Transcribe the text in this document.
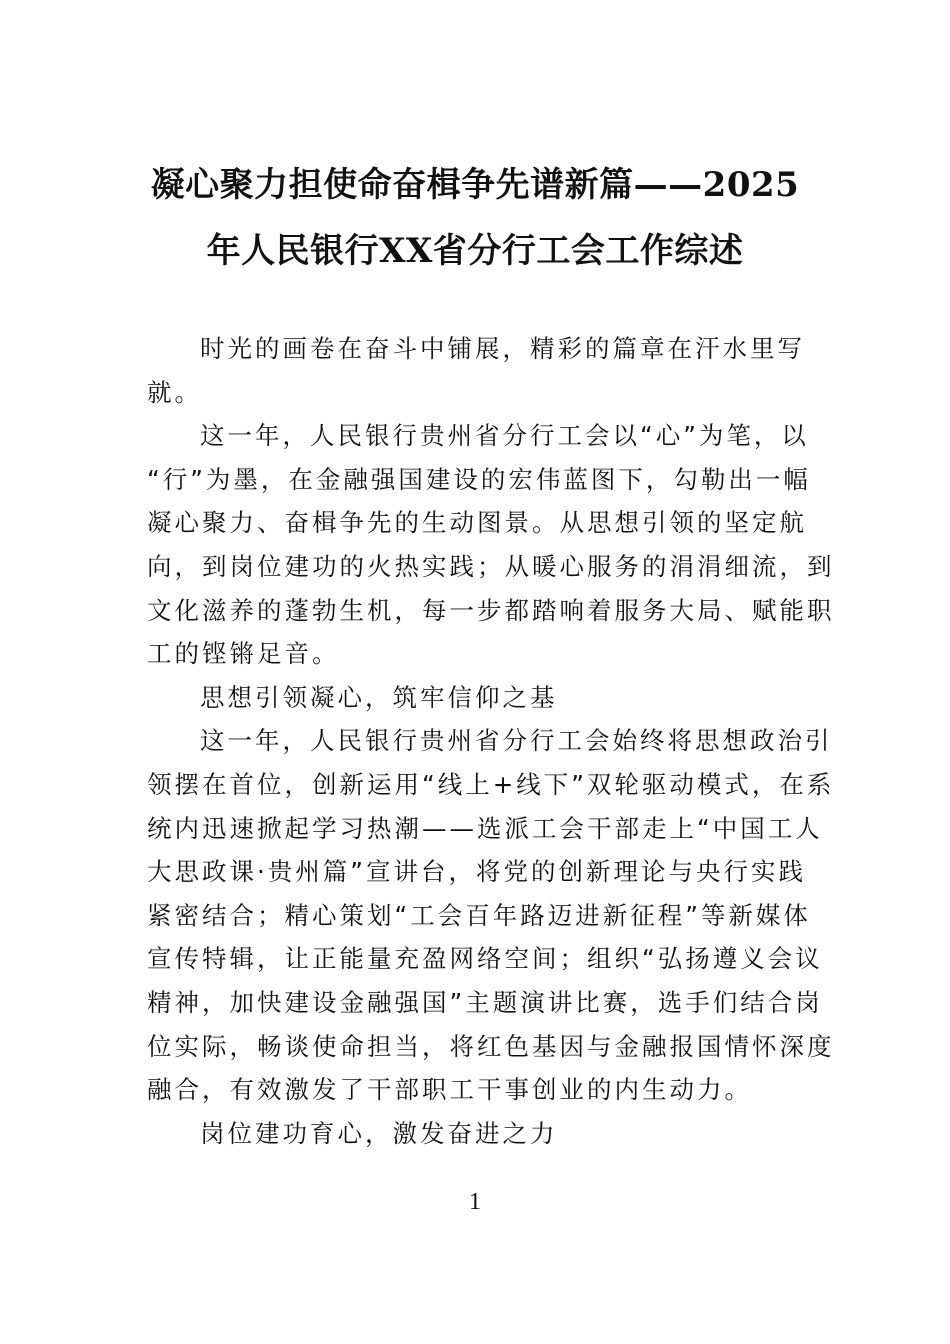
凝心聚力担使命奋楫争先谱新篇——2025
年人民银行XX省分行工会工作综述

时光的画卷在奋斗中铺展，精彩的篇章在汗水里写
就。

这一年，人民银行贵州省分行工会以“心”为笔，以
“行”为墨，在金融强国建设的宏伟蓝图下，勾勒出一幅
凝心聚力、奋楫争先的生动图景。从思想引领的坚定航
向，到岗位建功的火热实践；从暖心服务的涓涓细流，到
文化滋养的蓬勃生机，每一步都踏响着服务大局、赋能职
工的铿锵足音。

思想引领凝心，筑牢信仰之基

这一年，人民银行贵州省分行工会始终将思想政治引
领摆在首位，创新运用“线上+线下”双轮驱动模式，在系
统内迅速掀起学习热潮——选派工会干部走上“中国工人
大思政课·贵州篇”宣讲台，将党的创新理论与央行实践
紧密结合；精心策划“工会百年路迈进新征程”等新媒体
宣传特辑，让正能量充盈网络空间；组织“弘扬遵义会议
精神，加快建设金融强国”主题演讲比赛，选手们结合岗
位实际，畅谈使命担当，将红色基因与金融报国情怀深度
融合，有效激发了干部职工干事创业的内生动力。

岗位建功育心，激发奋进之力

1
